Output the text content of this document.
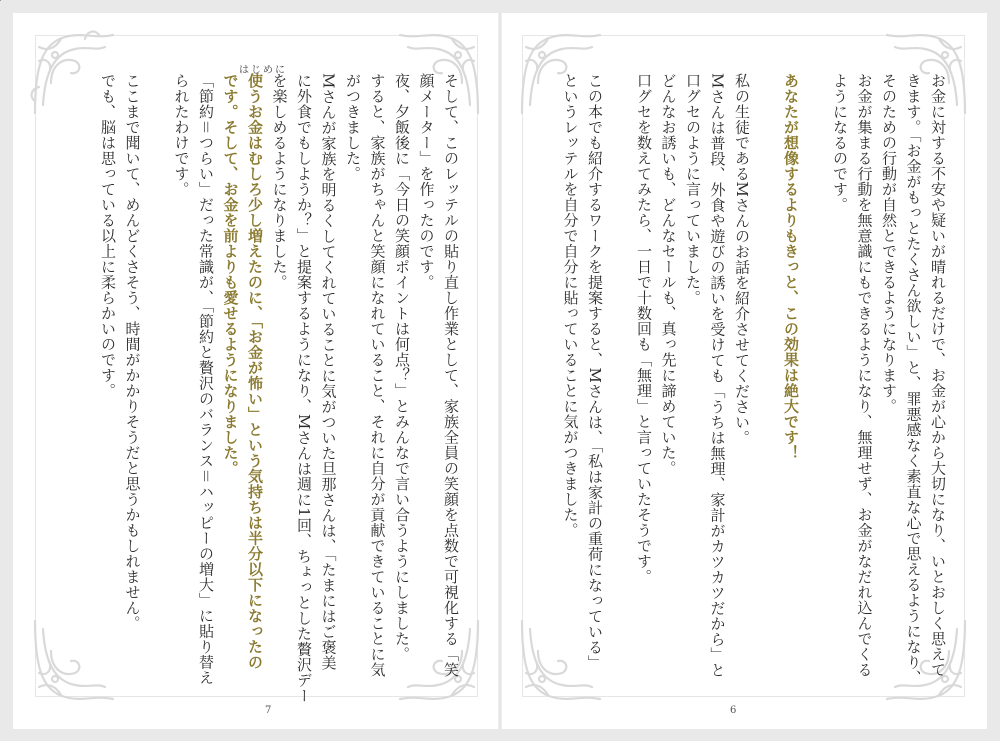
はじめに
そして、このレッテルの貼り直し作業として、家族全員の笑顔を点数で可視化する「笑
顔メーター」を作ったのです。
夜、夕飯後に「今日の笑顔ポイントは何点？」とみんなで言い合うようにしました。
すると、家族がちゃんと笑顔になれていること、それに自分が貢献できていることに気
がつきました。
Mさんが家族を明るくしてくれていることに気がついた旦那さんは、「たまにはご褒美
に外食でもしようか？」と提案するようになり、Mさんは週に1回、ちょっとした贅沢デー
を楽しめるようになりました。
使うお金はむしろ少し増えたのに、「お金が怖い」という気持ちは半分以下になったの
です。そして、お金を前よりも愛せるようになりました。
「節約＝つらい」だった常識が、「節約と贅沢のバランス＝ハッピーの増大」に貼り替え
られたわけです。
ここまで聞いて、めんどくさそう、時間がかかりそうだと思うかもしれません。
でも、脳は思っている以上に柔らかいのです。
7
お金に対する不安や疑いが晴れるだけで、お金が心から大切になり、いとおしく思えて
きます。「お金がもっとたくさん欲しい」と、罪悪感なく素直な心で思えるようになり、
そのための行動が自然とできるようになります。
お金が集まる行動を無意識にもできるようになり、無理せず、お金がなだれ込んでくる
ようになるのです。
あなたが想像するよりもきっと、この効果は絶大です！
私の生徒であるMさんのお話を紹介させてください。
Mさんは普段、外食や遊びの誘いを受けても「うちは無理、家計がカツカツだから」と
口グセのように言っていました。
どんなお誘いも、どんなセールも、真っ先に諦めていた。
口グセを数えてみたら、一日で十数回も「無理」と言っていたそうです。
この本でも紹介するワークを提案すると、Mさんは、「私は家計の重荷になっている」
というレッテルを自分で自分に貼っていることに気がつきました。
6
